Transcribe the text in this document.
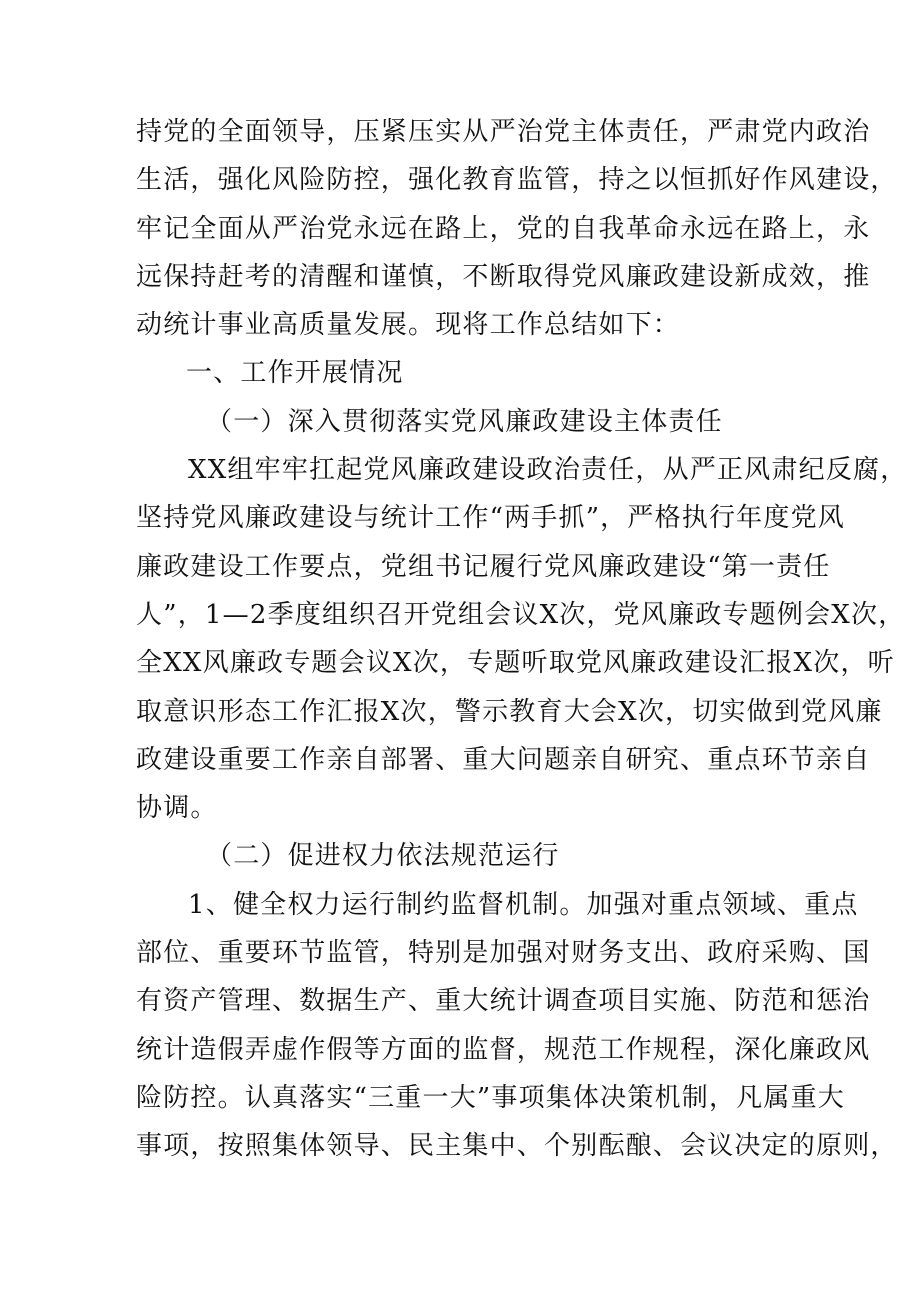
持党的全面领导，压紧压实从严治党主体责任，严肃党内政治
生活，强化风险防控，强化教育监管，持之以恒抓好作风建设，
牢记全面从严治党永远在路上，党的自我革命永远在路上，永
远保持赶考的清醒和谨慎，不断取得党风廉政建设新成效，推
动统计事业高质量发展。现将工作总结如下：
一、工作开展情况
（一）深入贯彻落实党风廉政建设主体责任
XX组牢牢扛起党风廉政建设政治责任，从严正风肃纪反腐，
坚持党风廉政建设与统计工作“两手抓”，严格执行年度党风
廉政建设工作要点，党组书记履行党风廉政建设“第一责任
人”，1—2季度组织召开党组会议X次，党风廉政专题例会X次，
全XX风廉政专题会议X次，专题听取党风廉政建设汇报X次，听
取意识形态工作汇报X次，警示教育大会X次，切实做到党风廉
政建设重要工作亲自部署、重大问题亲自研究、重点环节亲自
协调。
（二）促进权力依法规范运行
1、健全权力运行制约监督机制。加强对重点领域、重点
部位、重要环节监管，特别是加强对财务支出、政府采购、国
有资产管理、数据生产、重大统计调查项目实施、防范和惩治
统计造假弄虚作假等方面的监督，规范工作规程，深化廉政风
险防控。认真落实“三重一大”事项集体决策机制，凡属重大
事项，按照集体领导、民主集中、个别酝酿、会议决定的原则，
